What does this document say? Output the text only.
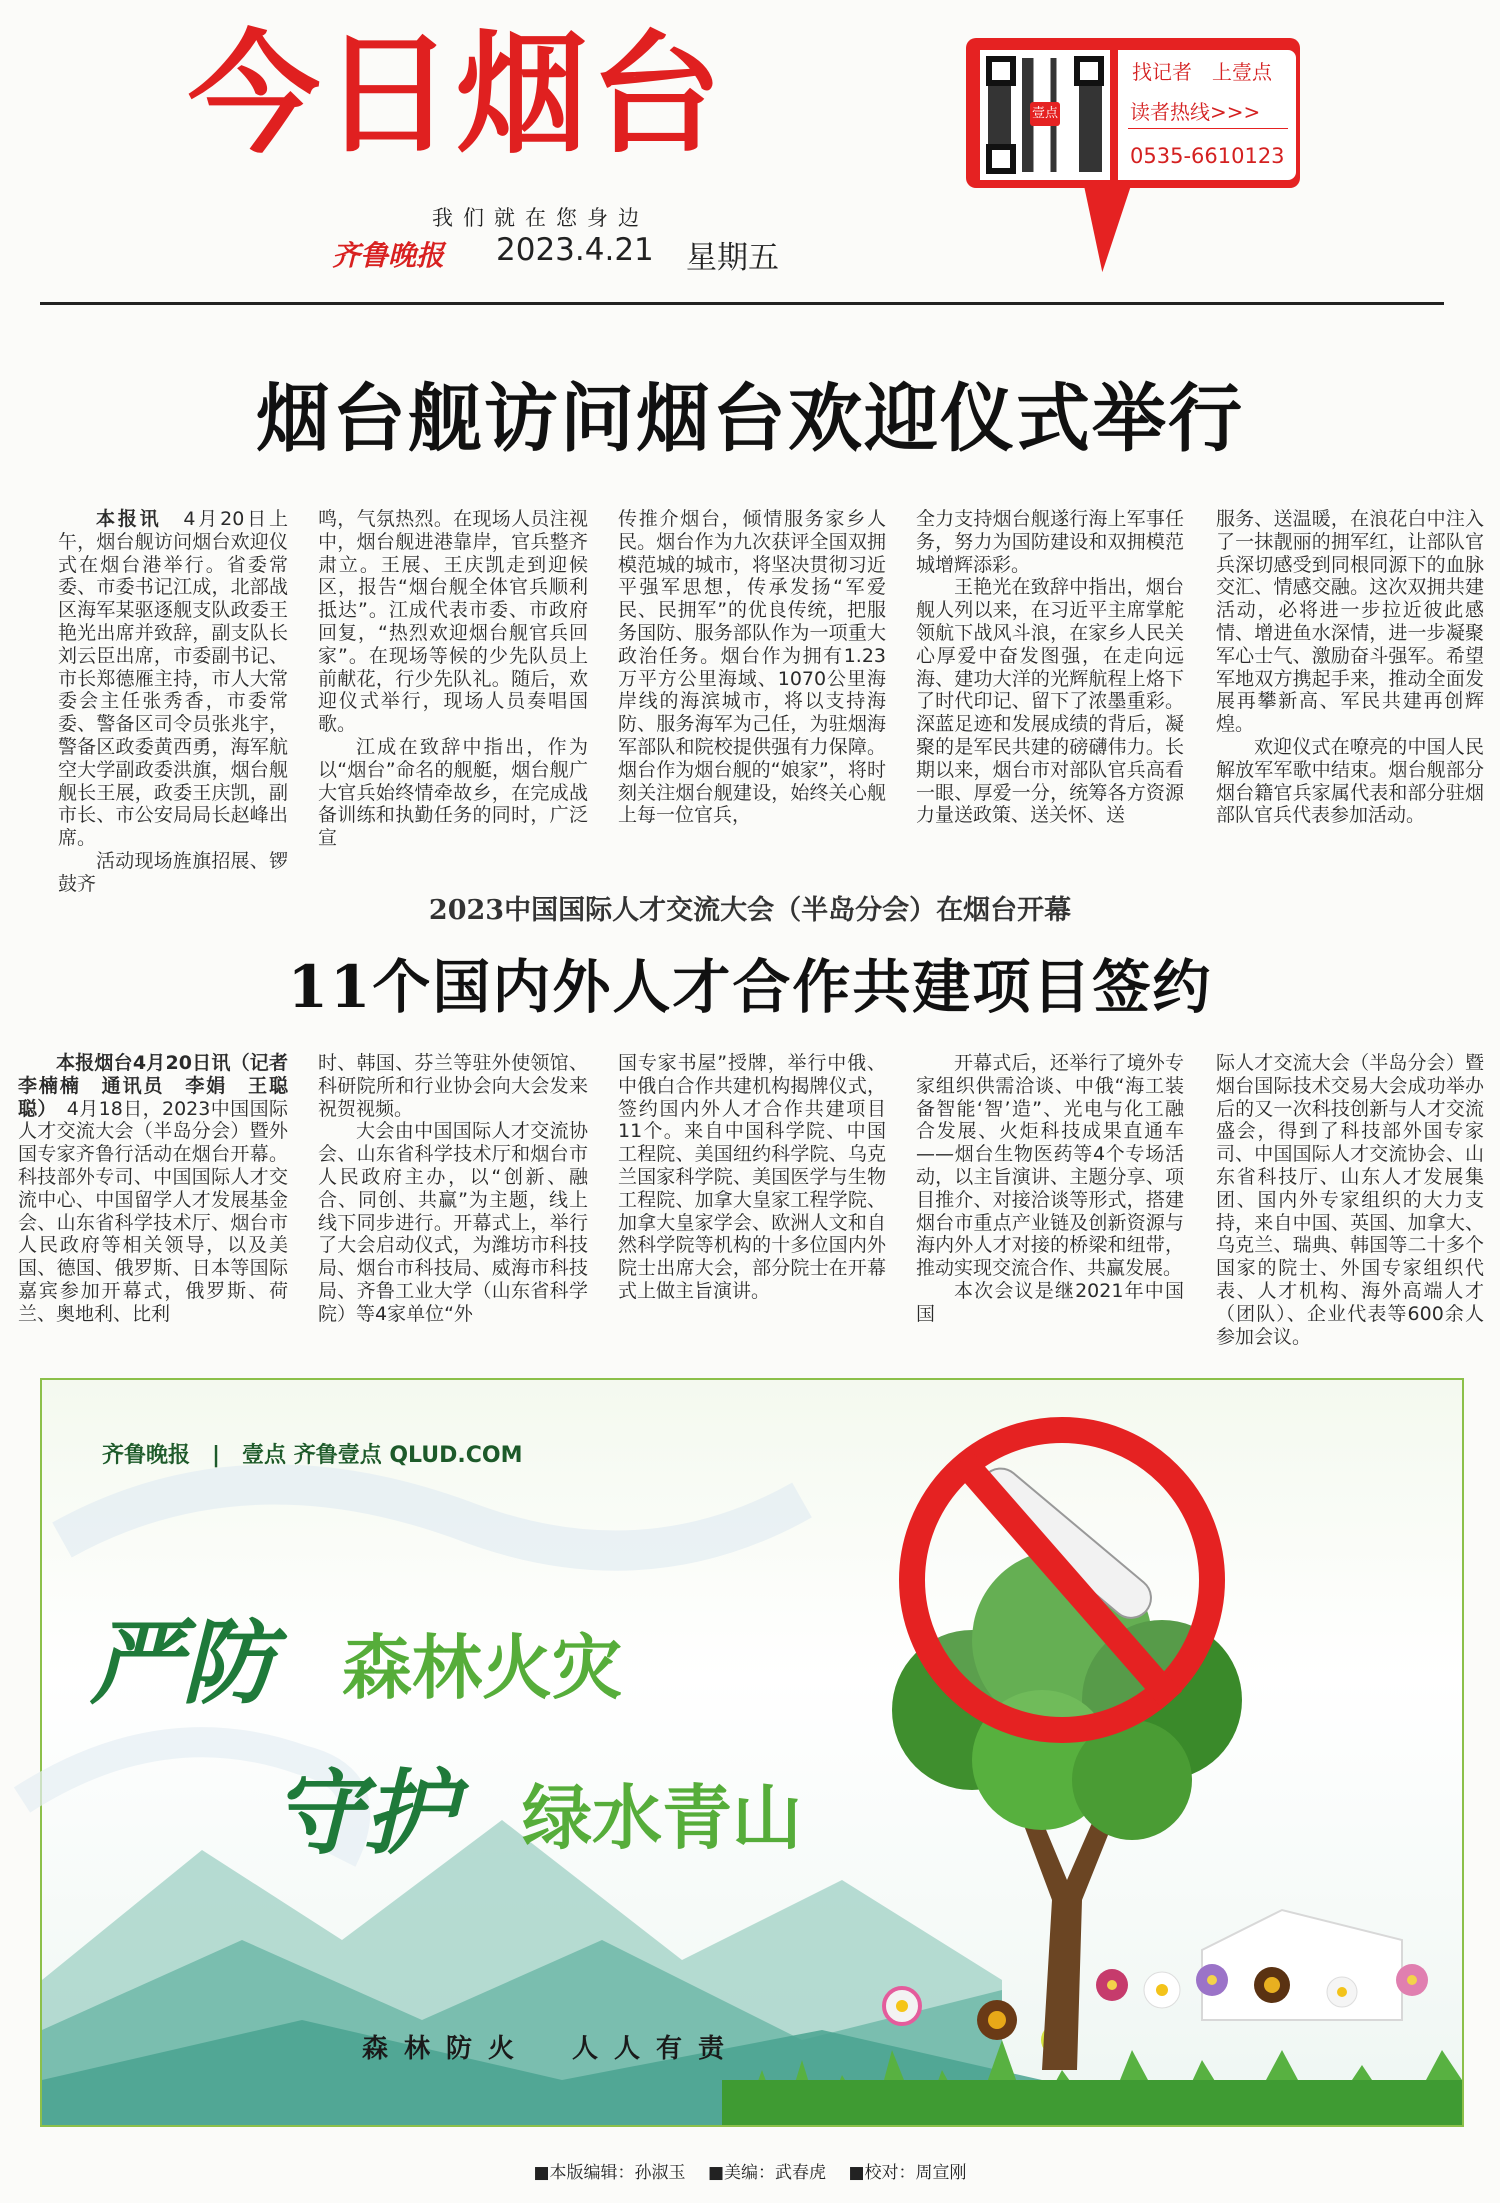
今日烟台
我们就在您身边
齐鲁晚报 2023.4.21 星期五
壹点
找记者　上壹点
读者热线>>>
0535-6610123
烟台舰访问烟台欢迎仪式举行

本报讯　 4月20日上午，烟台舰访问烟台欢迎仪式在烟台港举行。省委常委、市委书记江成，北部战区海军某驱逐舰支队政委王艳光出席并致辞，副支队长刘云臣出席，市委副书记、市长郑德雁主持，市人大常委会主任张秀香，市委常委、警备区司令员张兆宇，警备区政委黄西勇，海军航空大学副政委洪旗，烟台舰舰长王展，政委王庆凯，副市长、市公安局局长赵峰出席。

活动现场旌旗招展、锣鼓齐

鸣，气氛热烈。在现场人员注视中，烟台舰进港靠岸，官兵整齐肃立。王展、王庆凯走到迎候区，报告“烟台舰全体官兵顺利抵达”。江成代表市委、市政府回复，“热烈欢迎烟台舰官兵回家”。在现场等候的少先队员上前献花，行少先队礼。随后，欢迎仪式举行，现场人员奏唱国歌。

江成在致辞中指出，作为以“烟台”命名的舰艇，烟台舰广大官兵始终情牵故乡，在完成战备训练和执勤任务的同时，广泛宣

传推介烟台，倾情服务家乡人民。烟台作为九次获评全国双拥模范城的城市，将坚决贯彻习近平强军思想，传承发扬“军爱民、民拥军”的优良传统，把服务国防、服务部队作为一项重大政治任务。烟台作为拥有1.23万平方公里海域、1070公里海岸线的海滨城市，将以支持海防、服务海军为己任，为驻烟海军部队和院校提供强有力保障。烟台作为烟台舰的“娘家”，将时刻关注烟台舰建设，始终关心舰上每一位官兵，

全力支持烟台舰遂行海上军事任务，努力为国防建设和双拥模范城增辉添彩。

王艳光在致辞中指出，烟台舰人列以来，在习近平主席掌舵领航下战风斗浪，在家乡人民关心厚爱中奋发图强，在走向远海、建功大洋的光辉航程上烙下了时代印记、留下了浓墨重彩。深蓝足迹和发展成绩的背后，凝聚的是军民共建的磅礴伟力。长期以来，烟台市对部队官兵高看一眼、厚爱一分，统筹各方资源力量送政策、送关怀、送

服务、送温暖，在浪花白中注入了一抹靓丽的拥军红，让部队官兵深切感受到同根同源下的血脉交汇、情感交融。这次双拥共建活动，必将进一步拉近彼此感情、增进鱼水深情，进一步凝聚军心士气、激励奋斗强军。希望军地双方携起手来，推动全面发展再攀新高、军民共建再创辉煌。

欢迎仪式在嘹亮的中国人民解放军军歌中结束。烟台舰部分烟台籍官兵家属代表和部分驻烟部队官兵代表参加活动。

2023中国国际人才交流大会（半岛分会）在烟台开幕
11个国内外人才合作共建项目签约

本报烟台4月20日讯（记者　李楠楠　通讯员　李娟　王聪聪）　 4月18日，2023中国国际人才交流大会（半岛分会）暨外国专家齐鲁行活动在烟台开幕。科技部外专司、中国国际人才交流中心、中国留学人才发展基金会、山东省科学技术厅、烟台市人民政府等相关领导，以及美国、德国、俄罗斯、日本等国际嘉宾参加开幕式，俄罗斯、荷兰、奥地利、比利

时、韩国、芬兰等驻外使领馆、科研院所和行业协会向大会发来祝贺视频。

大会由中国国际人才交流协会、山东省科学技术厅和烟台市人民政府主办，以“创新、融合、同创、共赢”为主题，线上线下同步进行。开幕式上，举行了大会启动仪式，为潍坊市科技局、烟台市科技局、威海市科技局、齐鲁工业大学（山东省科学院）等4家单位“外

国专家书屋”授牌，举行中俄、中俄白合作共建机构揭牌仪式，签约国内外人才合作共建项目11个。来自中国科学院、中国工程院、美国纽约科学院、乌克兰国家科学院、美国医学与生物工程院、加拿大皇家工程学院、加拿大皇家学会、欧洲人文和自然科学院等机构的十多位国内外院士出席大会，部分院士在开幕式上做主旨演讲。

开幕式后，还举行了境外专家组织供需洽谈、中俄“海工装备智能‘智’造”、光电与化工融合发展、火炬科技成果直通车——烟台生物医药等4个专场活动，以主旨演讲、主题分享、项目推介、对接洽谈等形式，搭建烟台市重点产业链及创新资源与海内外人才对接的桥梁和纽带，推动实现交流合作、共赢发展。

本次会议是继2021年中国国

际人才交流大会（半岛分会）暨烟台国际技术交易大会成功举办后的又一次科技创新与人才交流盛会，得到了科技部外国专家司、中国国际人才交流协会、山东省科技厅、山东人才发展集团、国内外专家组织的大力支持，来自中国、英国、加拿大、乌克兰、瑞典、韩国等二十多个国家的院士、外国专家组织代表、人才机构、海外高端人才（团队）、企业代表等600余人参加会议。

齐鲁晚报　|　壹点 齐鲁壹点 QLUD.COM
严防 森林火灾
守护 绿水青山
森林防火　人人有责
■本版编辑：孙淑玉　 ■美编：武春虎　 ■校对：周宣刚
